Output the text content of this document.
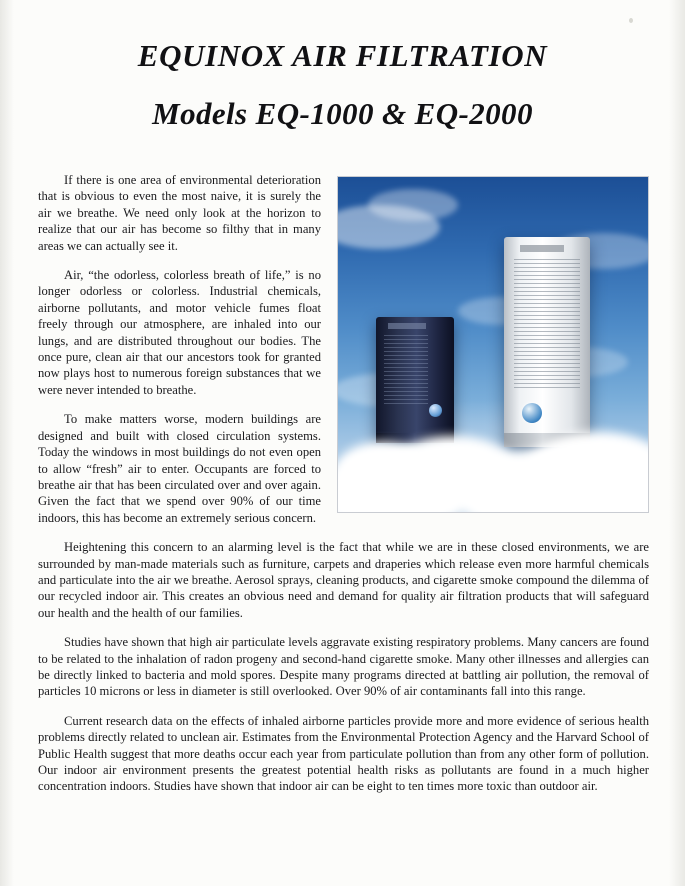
EQUINOX AIR FILTRATION
Models EQ-1000 & EQ-2000

If there is one area of environmental deterioration that is obvious to even the most naive, it is surely the air we breathe. We need only look at the horizon to realize that our air has become so filthy that in many areas we can actually see it.

Air, “the odorless, colorless breath of life,” is no longer odorless or colorless. Industrial chemicals, airborne pollutants, and motor vehicle fumes float freely through our atmosphere, are inhaled into our lungs, and are distributed throughout our bodies. The once pure, clean air that our ancestors took for granted now plays host to numerous foreign substances that we were never intended to breathe.

To make matters worse, modern buildings are designed and built with closed circulation systems. Today the windows in most buildings do not even open to allow “fresh” air to enter. Occupants are forced to breathe air that has been circulated over and over again. Given the fact that we spend over 90% of our time indoors, this has become an extremely serious concern.

Heightening this concern to an alarming level is the fact that while we are in these closed environments, we are surrounded by man-made materials such as furniture, carpets and draperies which release even more harmful chemicals and particulate into the air we breathe. Aerosol sprays, cleaning products, and cigarette smoke compound the dilemma of our recycled indoor air. This creates an obvious need and demand for quality air filtration products that will safeguard our health and the health of our families.

Studies have shown that high air particulate levels aggravate existing respiratory problems. Many cancers are found to be related to the inhalation of radon progeny and second-hand cigarette smoke. Many other illnesses and allergies can be directly linked to bacteria and mold spores. Despite many programs directed at battling air pollution, the removal of particles 10 microns or less in diameter is still overlooked. Over 90% of air contaminants fall into this range.

Current research data on the effects of inhaled airborne particles provide more and more evidence of serious health problems directly related to unclean air. Estimates from the Environmental Protection Agency and the Harvard School of Public Health suggest that more deaths occur each year from particulate pollution than from any other form of pollution. Our indoor air environment presents the greatest potential health risks as pollutants are found in a much higher concentration indoors. Studies have shown that indoor air can be eight to ten times more toxic than outdoor air.
